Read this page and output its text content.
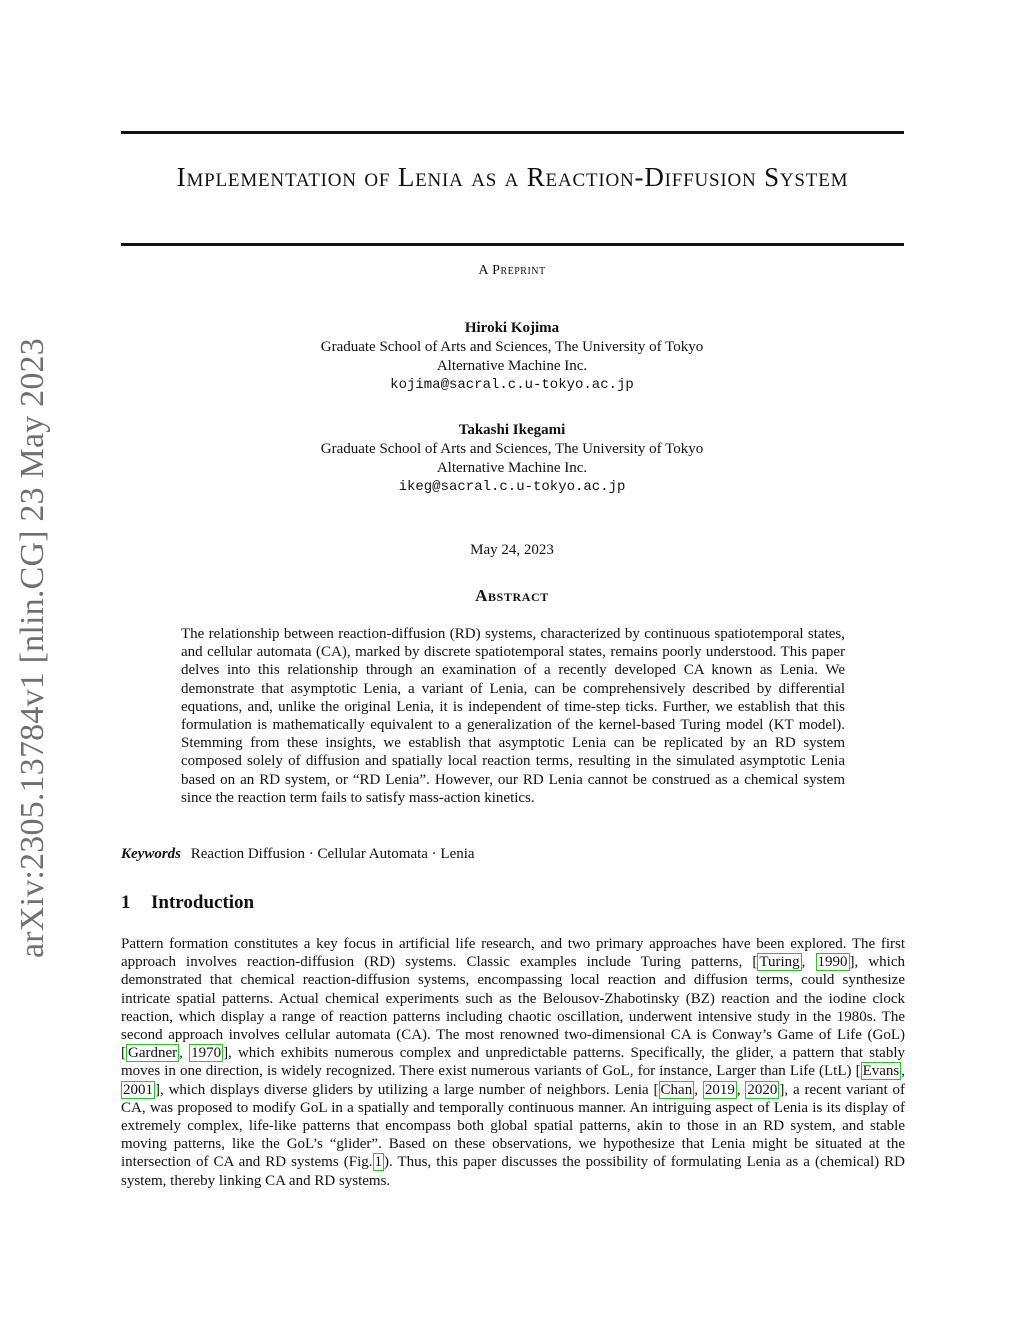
Implementation of Lenia as a Reaction-Diffusion System
arXiv:2305.13784v1 [nlin.CG] 23 May 2023
A Preprint
Hiroki Kojima
Graduate School of Arts and Sciences, The University of Tokyo
Alternative Machine Inc.
kojima@sacral.c.u-tokyo.ac.jp
Takashi Ikegami
Graduate School of Arts and Sciences, The University of Tokyo
Alternative Machine Inc.
ikeg@sacral.c.u-tokyo.ac.jp
May 24, 2023
Abstract
The relationship between reaction-diffusion (RD) systems, characterized by continuous spatiotemporal states, and cellular automata (CA), marked by discrete spatiotemporal states, remains poorly understood. This paper delves into this relationship through an examination of a recently developed CA known as Lenia. We demonstrate that asymptotic Lenia, a variant of Lenia, can be comprehensively described by differential equations, and, unlike the original Lenia, it is independent of time-step ticks. Further, we establish that this formulation is mathematically equivalent to a generalization of the kernel-based Turing model (KT model). Stemming from these insights, we establish that asymptotic Lenia can be replicated by an RD system composed solely of diffusion and spatially local reaction terms, resulting in the simulated asymptotic Lenia based on an RD system, or “RD Lenia”. However, our RD Lenia cannot be construed as a chemical system since the reaction term fails to satisfy mass-action kinetics.
Keywords Reaction Diffusion · Cellular Automata · Lenia
1 Introduction
Pattern formation constitutes a key focus in artificial life research, and two primary approaches have been explored. The first approach involves reaction-diffusion (RD) systems. Classic examples include Turing patterns, [ Turing , 1990 ], which demonstrated that chemical reaction-diffusion systems, encompassing local reaction and diffusion terms, could synthesize intricate spatial patterns. Actual chemical experiments such as the Belousov-Zhabotinsky (BZ) reaction and the iodine clock reaction, which display a range of reaction patterns including chaotic oscillation, underwent intensive study in the 1980s. The second approach involves cellular automata (CA). The most renowned two-dimensional CA is Conway’s Game of Life (GoL) [ Gardner , 1970 ], which exhibits numerous complex and unpredictable patterns. Specifically, the glider, a pattern that stably moves in one direction, is widely recognized. There exist numerous variants of GoL, for instance, Larger than Life (LtL) [ Evans , 2001 ], which displays diverse gliders by utilizing a large number of neighbors. Lenia [ Chan , 2019 , 2020 ], a recent variant of CA, was proposed to modify GoL in a spatially and temporally continuous manner. An intriguing aspect of Lenia is its display of extremely complex, life-like patterns that encompass both global spatial patterns, akin to those in an RD system, and stable moving patterns, like the GoL’s “glider”. Based on these observations, we hypothesize that Lenia might be situated at the intersection of CA and RD systems (Fig. 1 ). Thus, this paper discusses the possibility of formulating Lenia as a (chemical) RD system, thereby linking CA and RD systems.
